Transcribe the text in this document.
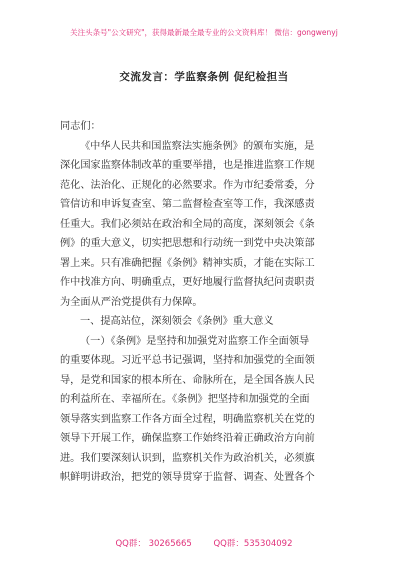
关注头条号"公文研究"，获得最新最全最专业的公文资料库！ 微信：gongwenyj
交流发言：学监察条例 促纪检担当
同志们：
《中华人民共和国监察法实施条例》的颁布实施，是
深化国家监察体制改革的重要举措，也是推进监察工作规
范化、法治化、正规化的必然要求。作为市纪委常委，分
管信访和申诉复查室、第二监督检查室等工作，我深感责
任重大。我们必须站在政治和全局的高度，深刻领会《条
例》的重大意义，切实把思想和行动统一到党中央决策部
署上来。只有准确把握《条例》精神实质，才能在实际工
作中找准方向、明确重点，更好地履行监督执纪问责职责
为全面从严治党提供有力保障。
一、提高站位，深刻领会《条例》重大意义
（一）《条例》是坚持和加强党对监察工作全面领导
的重要体现。习近平总书记强调，坚持和加强党的全面领
导，是党和国家的根本所在、命脉所在，是全国各族人民
的利益所在、幸福所在。《条例》把坚持和加强党的全面
领导落实到监察工作各方面全过程，明确监察机关在党的
领导下开展工作，确保监察工作始终沿着正确政治方向前
进。我们要深刻认识到，监察机关作为政治机关，必须旗
帜鲜明讲政治，把党的领导贯穿于监督、调查、处置各个
QQ群： 30265665        QQ群：535304092
